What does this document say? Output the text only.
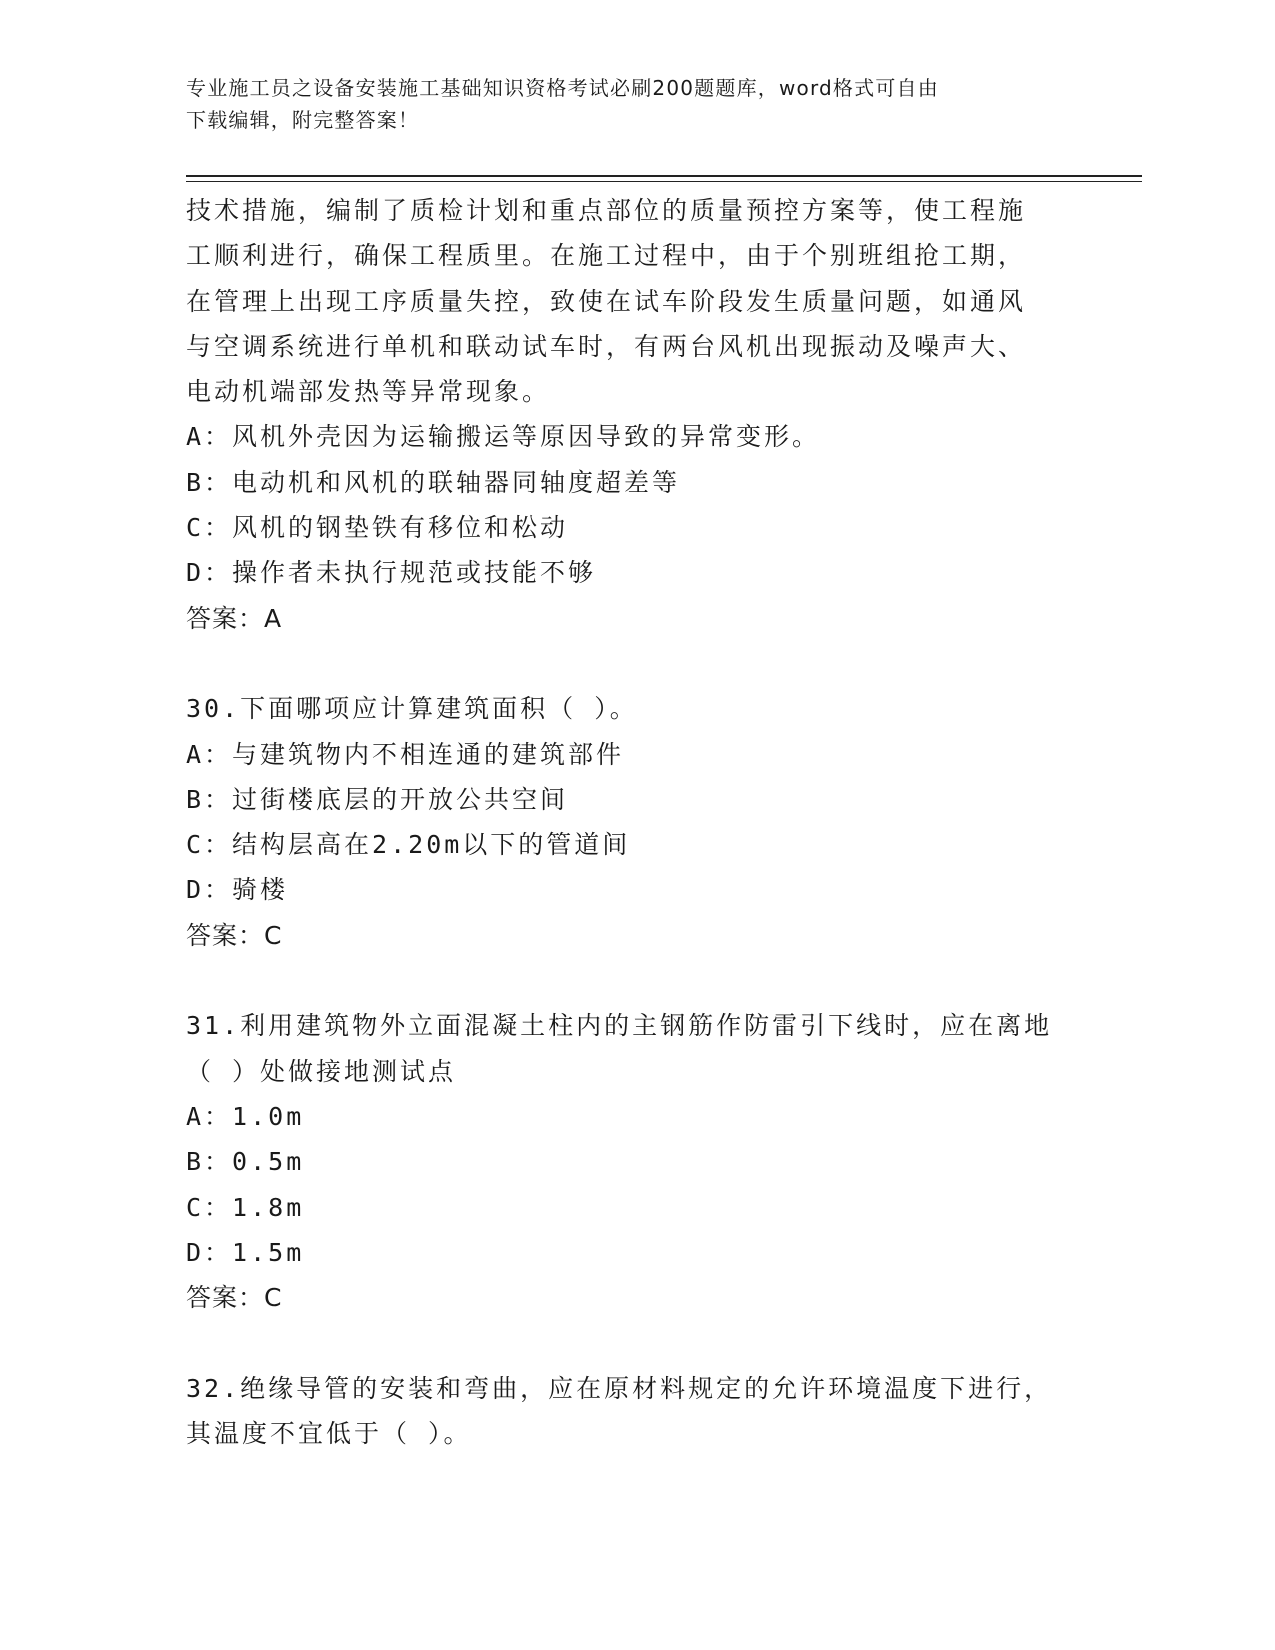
专业施工员之设备安装施工基础知识资格考试必刷200题题库，word格式可自由
下载编辑，附完整答案！
技术措施，编制了质检计划和重点部位的质量预控方案等，使工程施
工顺利进行，确保工程质里。在施工过程中，由于个别班组抢工期，
在管理上出现工序质量失控，致使在试车阶段发生质量问题，如通风
与空调系统进行单机和联动试车时，有两台风机出现振动及噪声大、
电动机端部发热等异常现象。
A：风机外壳因为运输搬运等原因导致的异常变形。
B：电动机和风机的联轴器同轴度超差等
C：风机的钢垫铁有移位和松动
D：操作者未执行规范或技能不够
答案：A
30.下面哪项应计算建筑面积（ ）。
A：与建筑物内不相连通的建筑部件
B：过街楼底层的开放公共空间
C：结构层高在2.20m以下的管道间
D：骑楼
答案：C
31.利用建筑物外立面混凝土柱内的主钢筋作防雷引下线时，应在离地
（ ）处做接地测试点
A：1.0m
B：0.5m
C：1.8m
D：1.5m
答案：C
32.绝缘导管的安装和弯曲，应在原材料规定的允许环境温度下进行，
其温度不宜低于（ ）。
